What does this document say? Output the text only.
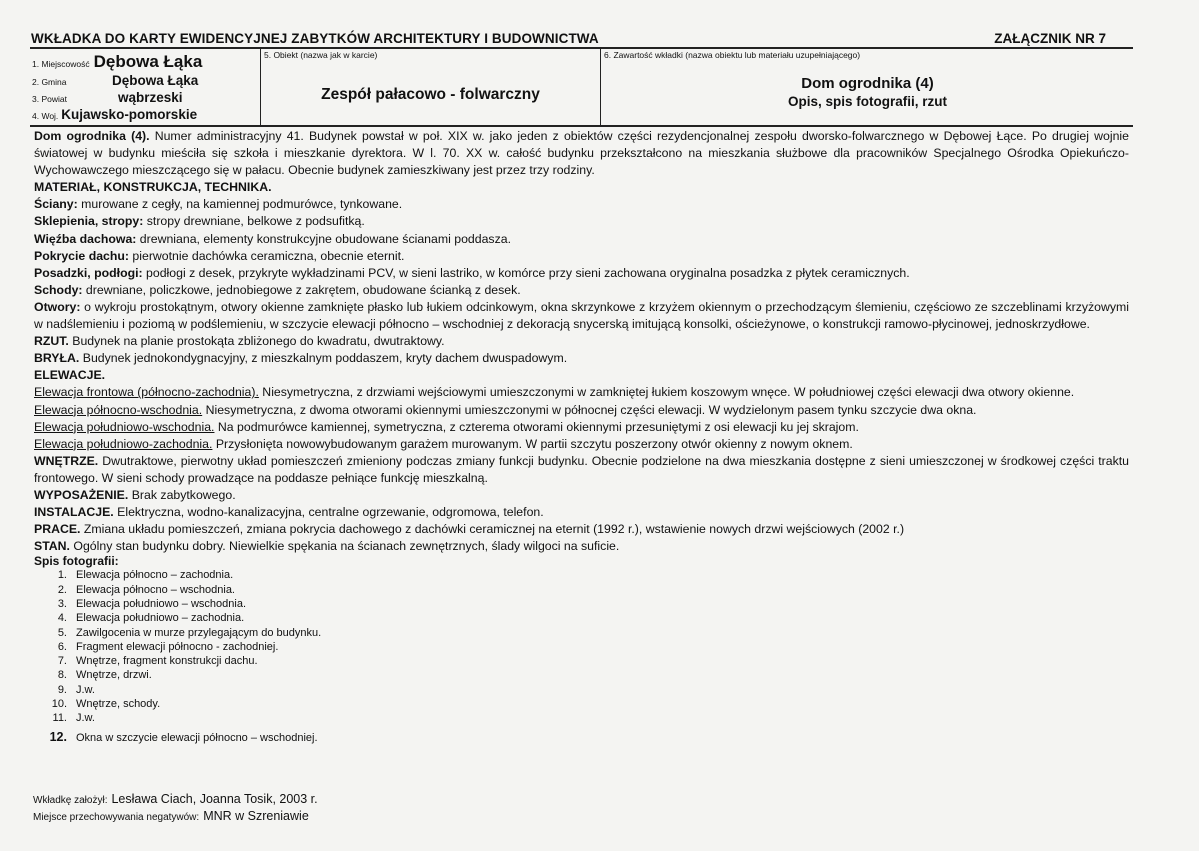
WKŁADKA DO KARTY EWIDENCYJNEJ ZABYTKÓW ARCHITEKTURY I BUDOWNICTWA	ZAŁĄCZNIK NR 7
1. Miejscowość Dębowa Łąka
2. Gmina	Dębowa Łąka
3. Powiat	wąbrzeski
4. Woj. Kujawsko-pomorskie
5. Obiekt (nazwa jak w karcie)
Zespół pałacowo - folwarczny
6. Zawartość wkładki (nazwa obiektu lub materiału uzupełniającego)
Dom ogrodnika (4)
Opis, spis fotografii, rzut

Dom ogrodnika (4). Numer administracyjny 41. Budynek powstał w poł. XIX w. jako jeden z obiektów części rezydencjonalnej zespołu dworsko-folwarcznego w Dębowej Łące. Po drugiej wojnie światowej w budynku mieściła się szkoła i mieszkanie dyrektora. W l. 70. XX w. całość budynku przekształcono na mieszkania służbowe dla pracowników Specjalnego Ośrodka Opiekuńczo-Wychowawczego mieszczącego się w pałacu. Obecnie budynek zamieszkiwany jest przez trzy rodziny.

MATERIAŁ, KONSTRUKCJA, TECHNIKA.

Ściany: murowane z cegły, na kamiennej podmurówce, tynkowane.

Sklepienia, stropy: stropy drewniane, belkowe z podsufitką.

Więźba dachowa: drewniana, elementy konstrukcyjne obudowane ścianami poddasza.

Pokrycie dachu: pierwotnie dachówka ceramiczna, obecnie eternit.

Posadzki, podłogi: podłogi z desek, przykryte wykładzinami PCV, w sieni lastriko, w komórce przy sieni zachowana oryginalna posadzka z płytek ceramicznych.

Schody: drewniane, policzkowe, jednobiegowe z zakrętem, obudowane ścianką z desek.

Otwory: o wykroju prostokątnym, otwory okienne zamknięte płasko lub łukiem odcinkowym, okna skrzynkowe z krzyżem okiennym o przechodzącym ślemieniu, częściowo ze szczeblinami krzyżowymi w nadślemieniu i poziomą w podślemieniu, w szczycie elewacji północno – wschodniej z dekoracją snycerską imitującą konsolki, ościeżynowe, o konstrukcji ramowo-płycinowej, jednoskrzydłowe.

RZUT. Budynek na planie prostokąta zbliżonego do kwadratu, dwutraktowy.

BRYŁA. Budynek jednokondygnacyjny, z mieszkalnym poddaszem, kryty dachem dwuspadowym.

ELEWACJE.

Elewacja frontowa (północno-zachodnia). Niesymetryczna, z drzwiami wejściowymi umieszczonymi w zamkniętej łukiem koszowym wnęce. W południowej części elewacji dwa otwory okienne.

Elewacja północno-wschodnia. Niesymetryczna, z dwoma otworami okiennymi umieszczonymi w północnej części elewacji. W wydzielonym pasem tynku szczycie dwa okna.

Elewacja południowo-wschodnia. Na podmurówce kamiennej, symetryczna, z czterema otworami okiennymi przesuniętymi z osi elewacji ku jej skrajom.

Elewacja południowo-zachodnia. Przysłonięta nowowybudowanym garażem murowanym. W partii szczytu poszerzony otwór okienny z nowym oknem.

WNĘTRZE. Dwutraktowe, pierwotny układ pomieszczeń zmieniony podczas zmiany funkcji budynku. Obecnie podzielone na dwa mieszkania dostępne z sieni umieszczonej w środkowej części traktu frontowego. W sieni schody prowadzące na poddasze pełniące funkcję mieszkalną.

WYPOSAŻENIE. Brak zabytkowego.

INSTALACJE. Elektryczna, wodno-kanalizacyjna, centralne ogrzewanie, odgromowa, telefon.

PRACE. Zmiana układu pomieszczeń, zmiana pokrycia dachowego z dachówki ceramicznej na eternit (1992 r.), wstawienie nowych drzwi wejściowych (2002 r.)

STAN. Ogólny stan budynku dobry. Niewielkie spękania na ścianach zewnętrznych, ślady wilgoci na suficie.

Spis fotografii:
1. Elewacja północno – zachodnia.
2. Elewacja północno – wschodnia.
3. Elewacja południowo – wschodnia.
4. Elewacja południowo – zachodnia.
5. Zawilgocenia w murze przylegającym do budynku.
6. Fragment elewacji północno - zachodniej.
7. Wnętrze, fragment konstrukcji dachu.
8. Wnętrze, drzwi.
9. J.w.
10. Wnętrze, schody.
11. J.w.
12. Okna w szczycie elewacji północno – wschodniej.
Wkładkę założył: Lesława Ciach, Joanna Tosik, 2003 r.
Miejsce przechowywania negatywów: MNR w Szreniawie
